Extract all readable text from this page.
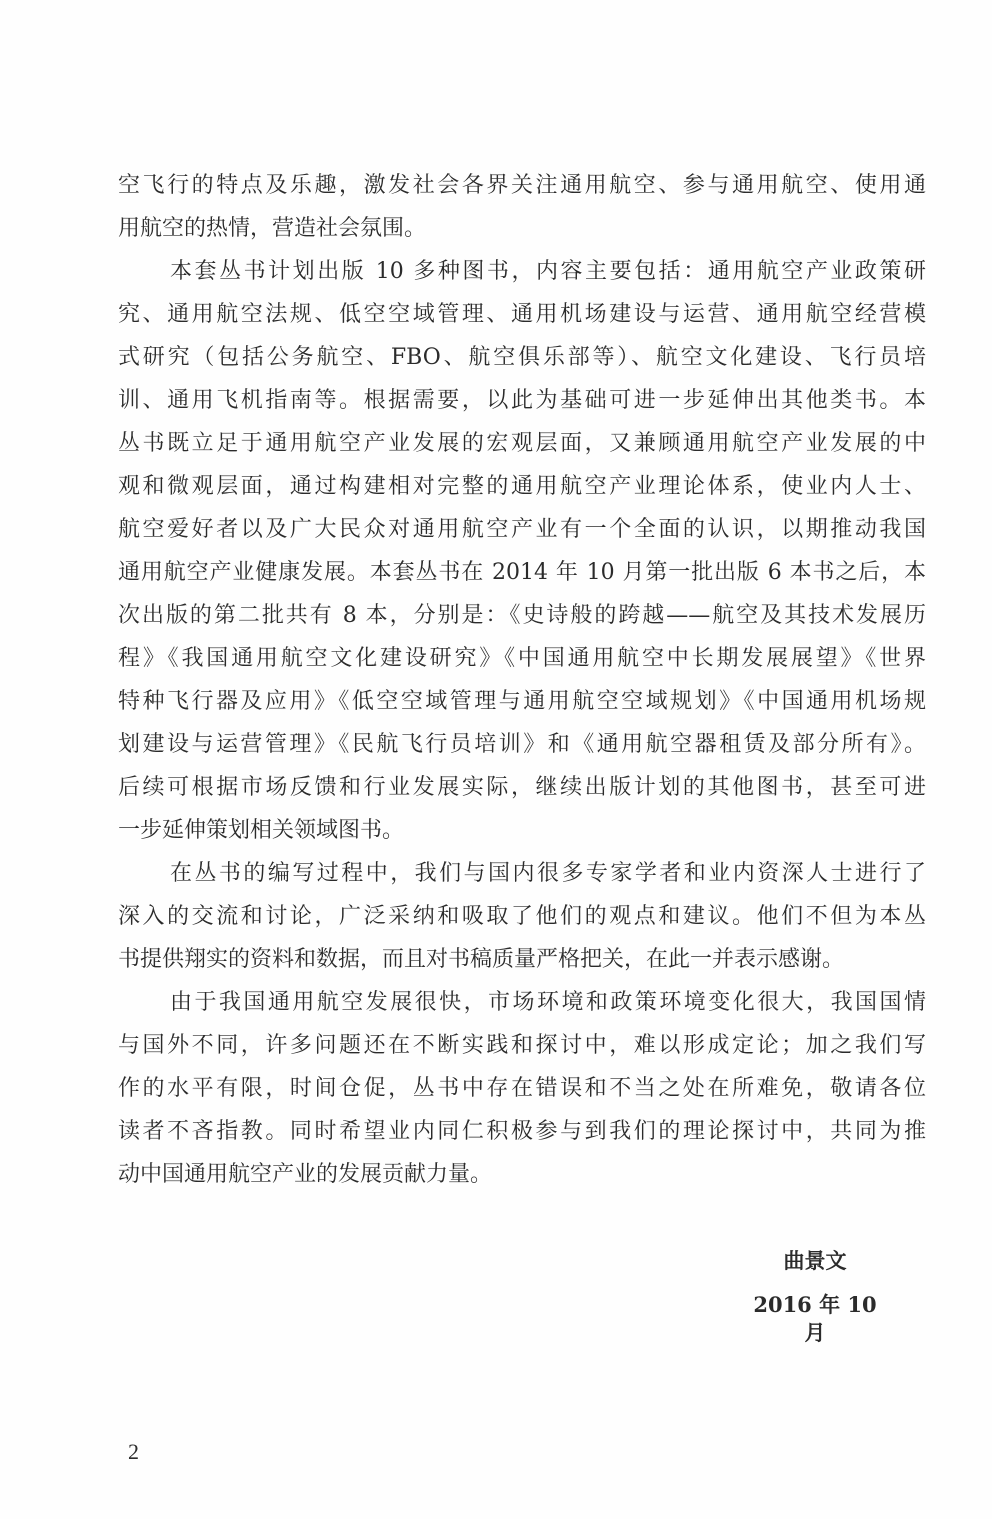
空飞行的特点及乐趣，激发社会各界关注通用航空、参与通用航空、使用通
用航空的热情，营造社会氛围。
本套丛书计划出版 10 多种图书，内容主要包括：通用航空产业政策研
究、通用航空法规、低空空域管理、通用机场建设与运营、通用航空经营模
式研究（包括公务航空、FBO、航空俱乐部等）、航空文化建设、飞行员培
训、通用飞机指南等。根据需要，以此为基础可进一步延伸出其他类书。本
丛书既立足于通用航空产业发展的宏观层面，又兼顾通用航空产业发展的中
观和微观层面，通过构建相对完整的通用航空产业理论体系，使业内人士、
航空爱好者以及广大民众对通用航空产业有一个全面的认识，以期推动我国
通用航空产业健康发展。本套丛书在 2014 年 10 月第一批出版 6 本书之后，本
次出版的第二批共有 8 本，分别是：《史诗般的跨越——航空及其技术发展历
程》《我国通用航空文化建设研究》《中国通用航空中长期发展展望》《世界
特种飞行器及应用》《低空空域管理与通用航空空域规划》《中国通用机场规
划建设与运营管理》《民航飞行员培训》和《通用航空器租赁及部分所有》。
后续可根据市场反馈和行业发展实际，继续出版计划的其他图书，甚至可进
一步延伸策划相关领域图书。
在丛书的编写过程中，我们与国内很多专家学者和业内资深人士进行了
深入的交流和讨论，广泛采纳和吸取了他们的观点和建议。他们不但为本丛
书提供翔实的资料和数据，而且对书稿质量严格把关，在此一并表示感谢。
由于我国通用航空发展很快，市场环境和政策环境变化很大，我国国情
与国外不同，许多问题还在不断实践和探讨中，难以形成定论；加之我们写
作的水平有限，时间仓促，丛书中存在错误和不当之处在所难免，敬请各位
读者不吝指教。同时希望业内同仁积极参与到我们的理论探讨中，共同为推
动中国通用航空产业的发展贡献力量。
曲景文
2016 年 10 月
2
